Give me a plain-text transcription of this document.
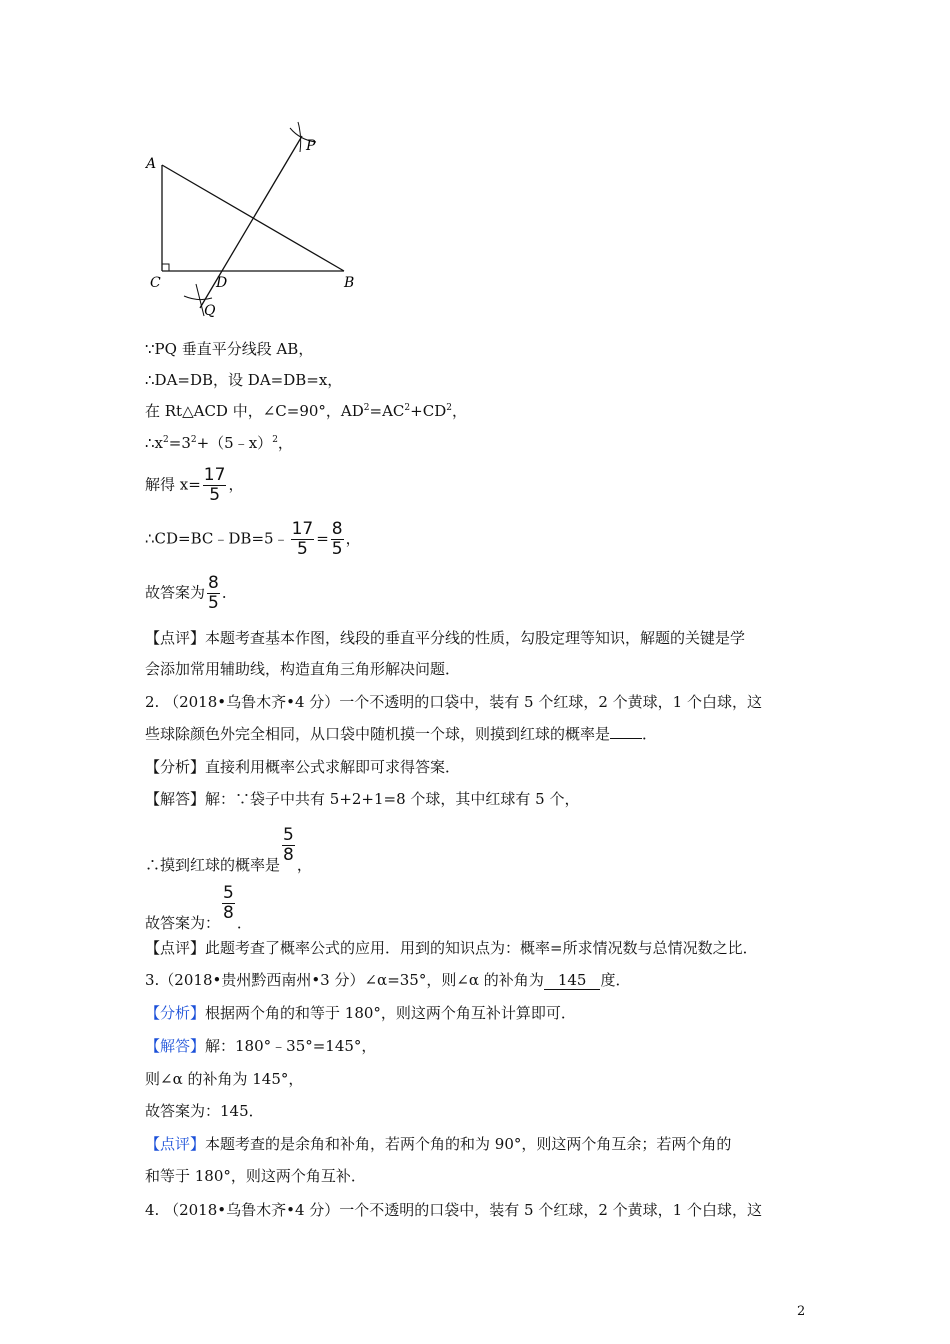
A
C	D	B
P
Q
∵PQ 垂直平分线段 AB，
∴DA=DB，设 DA=DB=x，
在 Rt△ACD 中，∠C=90°，$AD^2=AC^2+CD^2$，
$\therefore x^2=3^2+(5﹣x)^2$，
解得 $x= \frac{17}{5}$ ，
∴CD=BC﹣DB=5﹣ $\frac{17}{5} = \frac{8}{5}$ ，
故答案为 $\frac{8}{5}$ ．
【点评】本题考查基本作图，线段的垂直平分线的性质，勾股定理等知识，解题的关键是学
会添加常用辅助线，构造直角三角形解决问题．
2. （2018•乌鲁木齐•4 分）一个不透明的口袋中，装有 5 个红球，2 个黄球，1 个白球，这
些球除颜色外完全相同，从口袋中随机摸一个球，则摸到红球的概率是 ．
【分析】直接利用概率公式求解即可求得答案．
【解答】解：∵袋子中共有 5+2+1=8 个球，其中红球有 5 个，
∴摸到红球的概率是 $\frac{5}{8}$ ，
故答案为： $\frac{5}{8}$ ．
【点评】此题考查了概率公式的应用．用到的知识点为：概率=所求情况数与总情况数之比．
3.（2018•贵州黔西南州•3 分）∠α=35°，则∠α 的补角为 145 度．
【分析】根据两个角的和等于 180°，则这两个角互补计算即可．
【解答】解：180°﹣35°=145°，
则∠α 的补角为 145°，
故答案为：145．
【点评】本题考查的是余角和补角，若两个角的和为 90°，则这两个角互余；若两个角的
和等于 180°，则这两个角互补．
4. （2018•乌鲁木齐•4 分）一个不透明的口袋中，装有 5 个红球，2 个黄球，1 个白球，这
2
